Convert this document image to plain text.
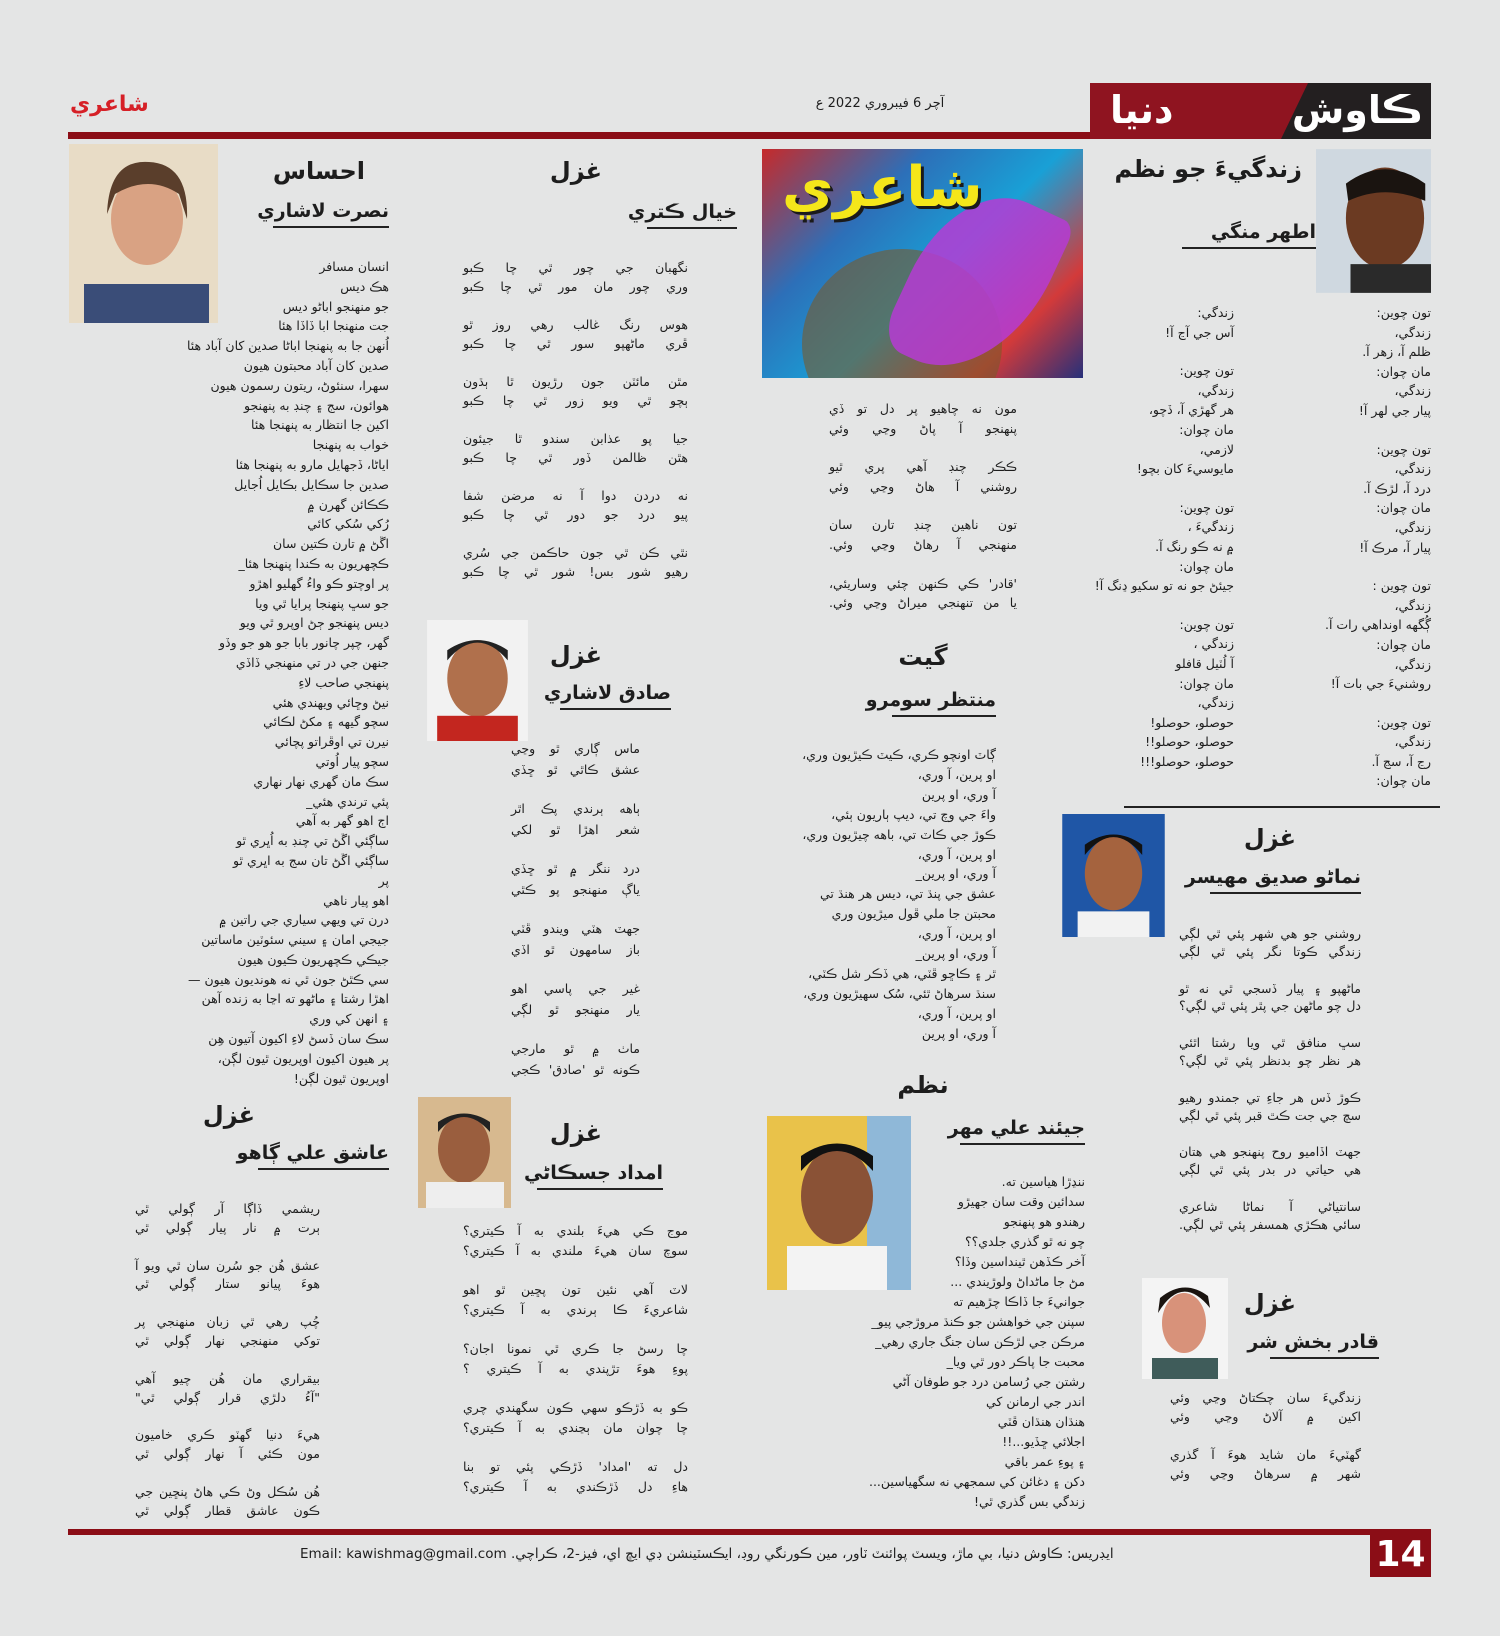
ڪاوش
دنيا
شاعري	آچر 6 فيبروري 2022 ع
زندگيءَ جو نظم
اطهر منگي
تون چوين:
زندگي،
ظلم آ، زهر آ.
مان چوان:
زندگي،
پيار جي لهر آ!
تون چوين:
زندگي،
درد آ، لڙڪ آ.
مان چوان:
زندگي،
پيار آ، مرڪ آ!
تون چوين :
زندگي،
ڳُگهه اونداهي رات آ.
مان چوان:
زندگي،
روشنيءَ جي بات آ!
تون چوين:
زندگي،
رڃ آ، سڃ آ.
مان چوان:
زندگي:
آس جي آڃ آ!
تون چوين:
زندگي،
هر گهڙي آ، ڏچو،
مان چوان:
لازمي،
مايوسيءَ کان بچو!
تون چوين:
زندگيءَ ،
۾ نه ڪو رنگ آ.
مان چوان:
جيئڻ جو نه تو سکيو ڍنگ آ!
تون چوين:
زندگي ،
آ لُٽيل قافلو
مان چوان:
زندگي،
حوصلو، حوصلو!
حوصلو، حوصلو!!
حوصلو، حوصلو!!!
غزل
نماڻو صديق مهيسر
روشني جو هي شهر پئي ٿي لڳي
زندگي ڪوتا نگر پئي ٿي لڳي
ماڻهپو ۽ پيار ڏسجي ٿي نه ٿو
دل چو ماڻهن جي پٿر پئي ٿي لڳي؟
سڀ منافق ٿي ويا رشتا اٿئي
هر نظر چو بدنظر پئي ٿي لڳي؟
ڪوڙ ڏس هر جاءِ تي جمندو رهيو
سچ جي جت ڪٿ قبر پئي ٿي لڳي
جهٽ اڏاميو روح پنهنجو هي هتان
هي حياتي در بدر پئي ٿي لڳي
سانتياڻي آ نماڻا شاعري
سائي هڪڙي همسفر پئي ٿي لڳي.
غزل
قادر بخش شر
زندگيءَ سان چڪتاڻ وڃي وئي
اکين ۾ آلاڻ وڃي وئي
گهٽيءَ مان شايد هوءَ آ گذري
شهر ۾ سرهاڻ وڃي وئي
شاعري
مون نه چاهيو پر دل تو ڏي
پنهنجو آ پاڻ وڃي وئي
ڪڪر چنڊ آهي پري ٿيو
روشني آ هاڻ وڃي وئي
تون ناهين چنڊ تارن سان
منهنجي آ رهاڻ وڃي وئي.
'قادر' ڪي ڪنهن چئي وساريئي،
يا من تنهنجي ميراڻ وڃي وئي.
گيت
منتظر سومرو
ڳاٽ اونچو ڪري، ڪيٽ ڪيڙيون وري،
او پرين، آ وري،
آ وري، او پرين
واءَ جي وچ تي، ديپ ٻاريون ٻئي،
ڪوڙ جي ڪاٽ تي، باهه چيڙيون وري،
او پرين، آ وري،
آ وري، او پرين_
عشق جي پنڌ تي، ديس هر هنڌ تي
محبتن جا ملي ڦول ميڙيون وري
او پرين، آ وري،
آ وري، او پرين_
ٿر ۽ ڪاڇو ڦٽي، هي ڏڪر شل ڪٽي،
سنڌ سرهاڻ ٿئي، سُک سهيڙيون وري،
او پرين، آ وري،
آ وري، او پرين
نظم
جيئند علي مهر
ننڍڙا هياسين ته.
سدائين وقت سان جهيڙو
رهندو هو پنهنجو
چو نه ٿو گذري جلدي؟؟
آخر ڪڏهن ٿينداسين وڏا؟
مڻ جا ماڻداڻ ولوڙيندي ...
جوانيءَ جا ڏاڪا چڙهيم ته
سپنن جي خواهشن جو ڪنڌ مروڙجي پيو_
مرڪن جي لڙڪن سان جنگ جاري رهي_
محبت جا پاڪر دور ٿي ويا_
رشتن جي رُسامن درد جو طوفان آڻي
اندر جي ارمانن کي
هنڌان هنڌان ڦٽي
اجلائي ڇڏيو...!!
۽ پوءِ عمر باقي
دکن ۽ دغائن کي سمجهي نه سگهياسين...
زندگي بس گذري ٿي!
غزل
خيال ڪتري
نگهبان جي چور ٿي چا ڪبو
وري چور مان مور ٿي چا ڪبو
هوس رنگ غالب رهي روز ٿو
ڦري ماڻهپو سور ٿي چا ڪبو
مٿن مائٽن جون رڙيون ٿا ٻڌون
ٻچو ٿي ويو زور ٿي چا ڪبو
جيا پو عذابن سندو ٿا جيئون
هٿن ظالمن ڏور ٿي چا ڪبو
نه دردن دوا آ نه مرضن شفا
پيو درد جو دور ٿي چا ڪبو
نٿي ڪن ٿي جون حاڪمن جي سُري
رهيو شور بس! شور ٿي چا ڪبو
غزل
صادق لاشاري
ماس ڳاري ٿو وڃي
عشق ڪاٿي ٿو ڇڏي
ٻاهه ٻرندي پڪ اٿر
شعر اهڙا ٿو لکي
درد ننگر ۾ ٿو ڇڏي
ياڳ منهنجو پو ڪٿي
جهٽ هٽي ويندو ڦٽي
باز سامهون ٿو اڏي
غير جي پاسي اهو
يار منهنجو ٿو لڳي
ماٺ ۾ ٿو مارجي
ڪونه ٿو 'صادق' ڪجي
غزل
امداد جسڪاڻي
موج ڪي هيءَ بلندي به آ ڪيتري؟
سوچ سان هيءَ ملندي به آ ڪيتري؟
لاٽ آهي نئين تون پڇين ٿو اهو
شاعريءَ ڪا ٻرندي به آ ڪيتري؟
چا رسڻ جا ڪري ٿي نمونا اجان؟
پوءِ هوءَ تڙپندي به آ ڪيتري ؟
ڪو به ڏڙڪو سهي ڪون سگهندي چري
چا چوان مان ٻڃندي به آ ڪيتري؟
دل ته 'امداد' ڏڙڪي پئي تو بنا
هاءِ دل ڏڙڪندي به آ ڪيتري؟
احساس
نصرت لاشاري
انسان مسافر
هڪ ديس
جو منهنجو اباڻو ديس
جت منهنجا ابا ڏاڏا هئا
اُنهن جا به پنهنجا اباڻا صدين کان آباد هئا
صدين کان آباد محبتون هيون
سهرا، سنئوڻ، ريتون رسمون هيون
هوائون، سج ۽ چنڊ به پنهنجو
اکين جا انتظار به پنهنجا هئا
خواب به پنهنجا
اياڻا، ڏجهايل مارو به پنهنجا هئا
صدين جا سڪايل بڪايل اُجايل
ڪڪائن گهرن ۾
رُکي سُکي کائي
اڱڻ ۾ تارن ڪتين سان
ڪچهريون به ڪندا پنهنجا هئا_
پر اوچتو ڪو واءُ گهليو اهڙو
جو سڀ پنهنجا پرايا ٿي ويا
ديس پنهنجو ڄڻ اوپرو ٿي ويو
گهر، چپر چانور بابا جو هو جو وڏو
جنهن جي در تي منهنجي ڏاڏي
پنهنجي صاحب لاءِ
نيڻ وڇائي ويهندي هئي
سچو گيهه ۽ مکڻ لڪائي
نيرن تي اوڦراتو پچائي
سچو پيار اُوتي
سڪ مان گهري نهار نهاري
پئي ترندي هئي_
اڄ اهو گهر به آهي
ساڳئي اڱڻ تي چنڊ به اُڀري ٿو
ساڳئي اڱڻ تان سج به اڀري ٿو
پر
اهو پيار ناهي
درن تي ويهي سياري جي راتين ۾
جيجي امان ۽ سيني سئوٽين ماساتين
جيڪي ڪچهريون ڪيون هيون
سي ڪٿڻ جون ٿي نه هونديون هيون —
اهڙا رشتا ۽ ماڻهو ته اڃا به زنده آهن
۽ انهن کي وري
سڪ سان ڏسڻ لاءِ اکيون آتيون هِن
پر هيون اکيون اوپريون ٿيون لڳن،
اوپريون ٿيون لڳن!
غزل
عاشق علي ڳاهو
ريشمي ڏاڳا آر ڳولي ٿي
ٻرت ۾ نار پيار ڳولي ٿي
عشق هُن جو سُرن سان ٿي ويو آ
هوءَ پيانو ستار ڳولي ٿي
چُپ رهي ٿي زبان منهنجي پر
توکي منهنجي نهار ڳولي ٿي
بيقراري مان هُن چيو آهي
"آءُ دلڙي قرار ڳولي ٿي"
هيءَ دنيا گهٽو ڪري خاميون
مون ڪئي آ نهار ڳولي ٿي
هُن سُڪل وڻ ڪي هاڻ پنڇين جي
ڪون عاشق قطار ڳولي ٿي
Email: kawishmag@gmail.com ايڊريس: ڪاوش دنيا، بي ماڙ، ويسٽ پوائنٽ ٽاور، مين ڪورنگي روڊ، ايڪسٽينشن ڊي ايڇ اي، فيز-2، ڪراچي.	14
